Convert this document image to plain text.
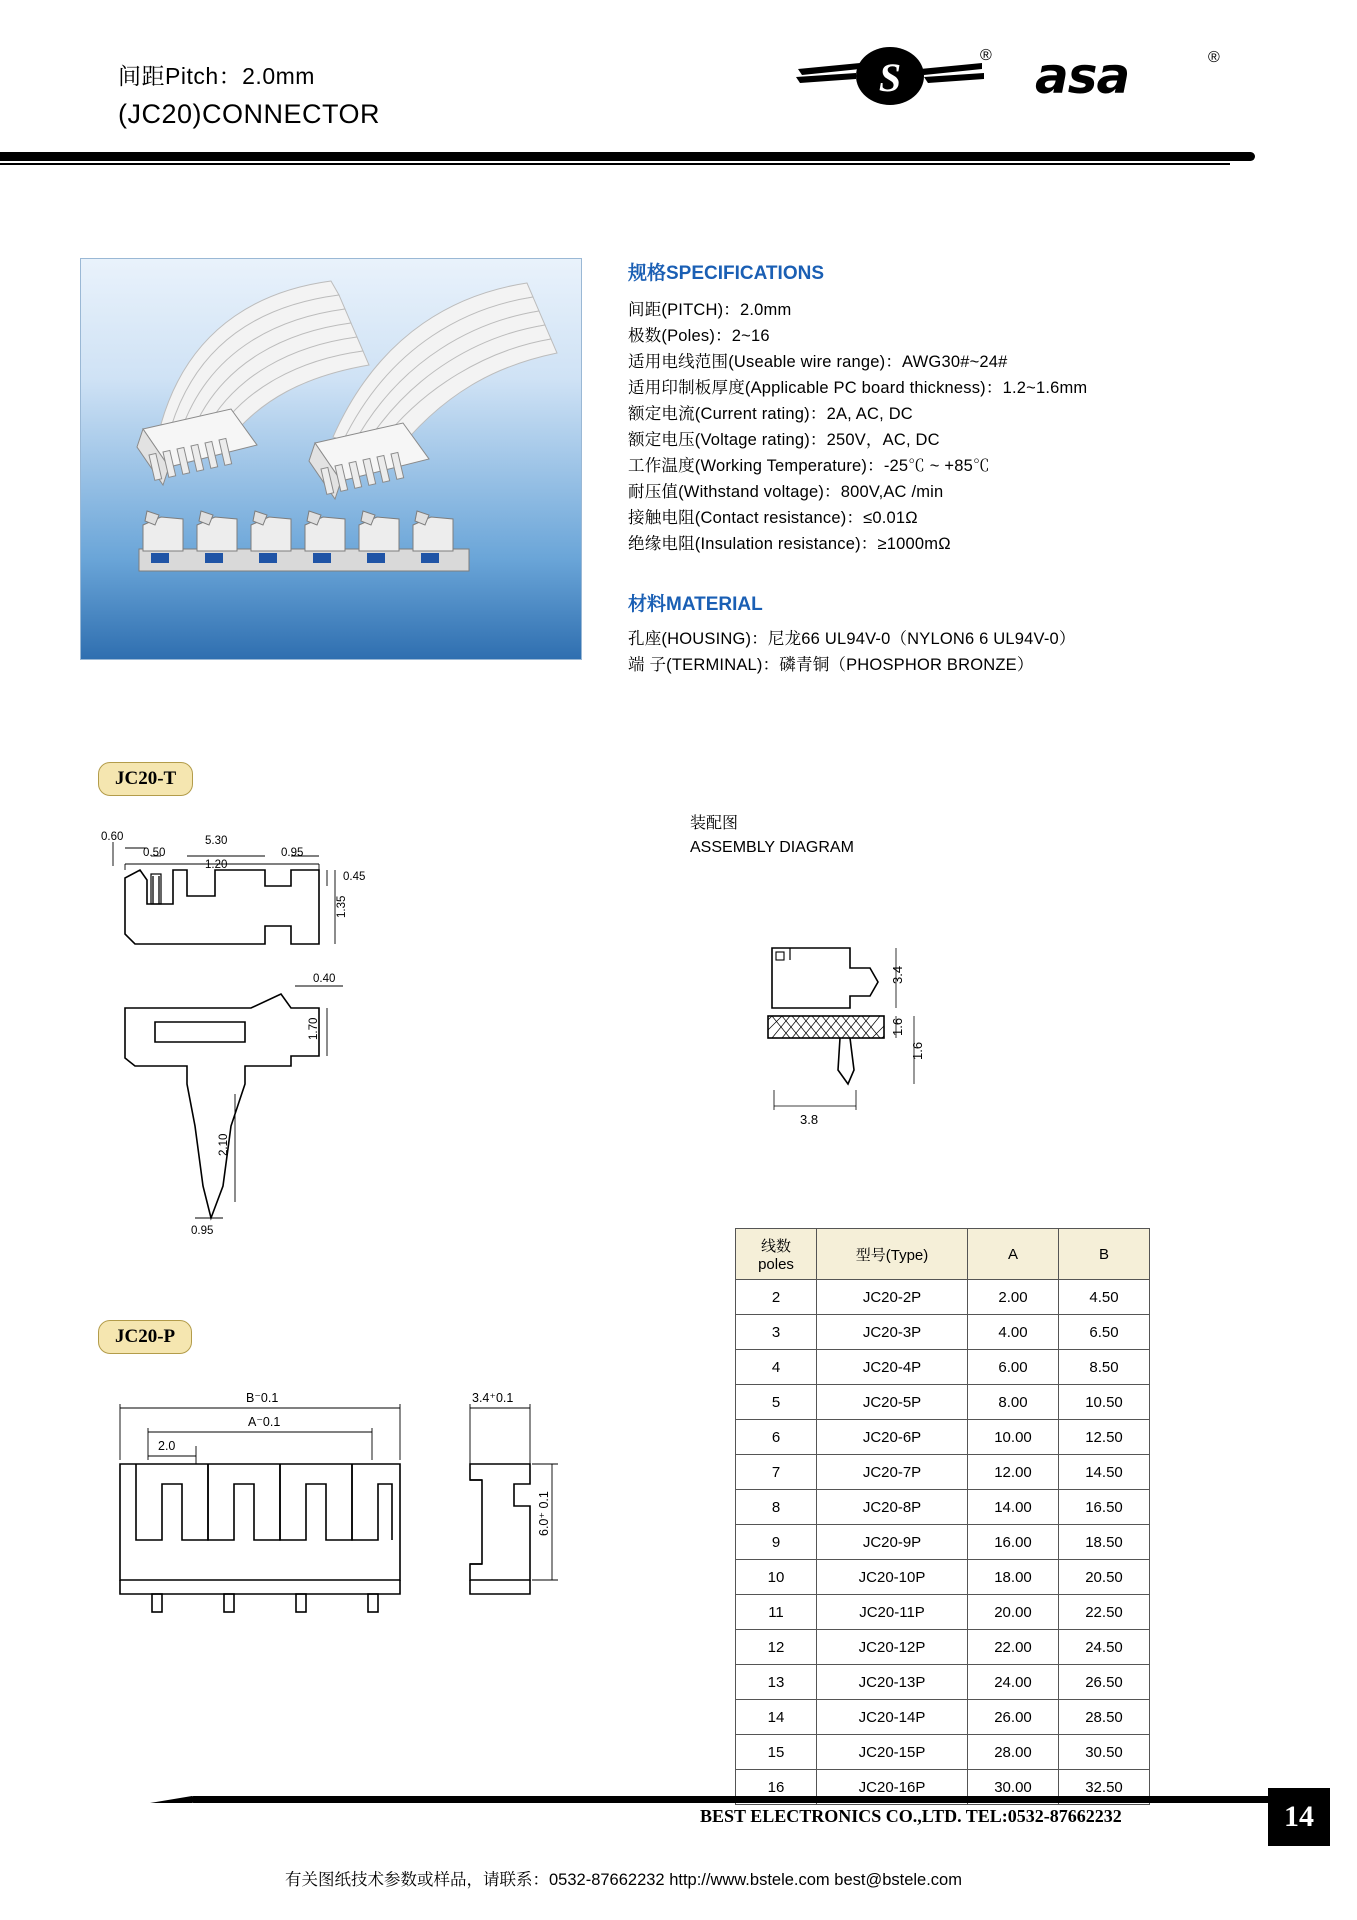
间距Pitch：2.0mm
(JC20)CONNECTOR
S	® asa	®
规格SPECIFICATIONS
间距(PITCH)：2.0mm
极数(Poles)：2~16
适用电线范围(Useable wire range)：AWG30#~24#
适用印制板厚度(Applicable PC board thickness)：1.2~1.6mm
额定电流(Current rating)：2A, AC, DC
额定电压(Voltage rating)：250V，AC, DC
工作温度(Working Temperature)：-25℃ ~ +85℃
耐压值(Withstand voltage)：800V,AC /min
接触电阻(Contact resistance)：≤0.01Ω
绝缘电阻(Insulation resistance)：≥1000mΩ
材料MATERIAL
孔座(HOUSING)：尼龙66 UL94V-0（NYLON6 6 UL94V-0）
端 子(TERMINAL)：磷青铜（PHOSPHOR BRONZE）
JC20-T
0.60	5.30
0.50
1.20
0.95
0.45
1.35
0.40
1.70
2.10
0.95
装配图
ASSEMBLY DIAGRAM
3.4
1.6
1.6
3.8
JC20-P
B⁻0.1
A⁻0.1
2.0
3.4⁺0.1
6.0⁺ 0.1
线数
poles	型号(Type)	A	B
2	JC20-2P	2.00	4.50
3	JC20-3P	4.00	6.50
4	JC20-4P	6.00	8.50
5	JC20-5P	8.00	10.50
6	JC20-6P	10.00	12.50
7	JC20-7P	12.00	14.50
8	JC20-8P	14.00	16.50
9	JC20-9P	16.00	18.50
10	JC20-10P	18.00	20.50
11	JC20-11P	20.00	22.50
12	JC20-12P	22.00	24.50
13	JC20-13P	24.00	26.50
14	JC20-14P	26.00	28.50
15	JC20-15P	28.00	30.50
16	JC20-16P	30.00	32.50
BEST ELECTRONICS CO.,LTD. TEL:0532-87662232	14
有关图纸技术参数或样品，请联系：0532-87662232 http://www.bstele.com best@bstele.com
